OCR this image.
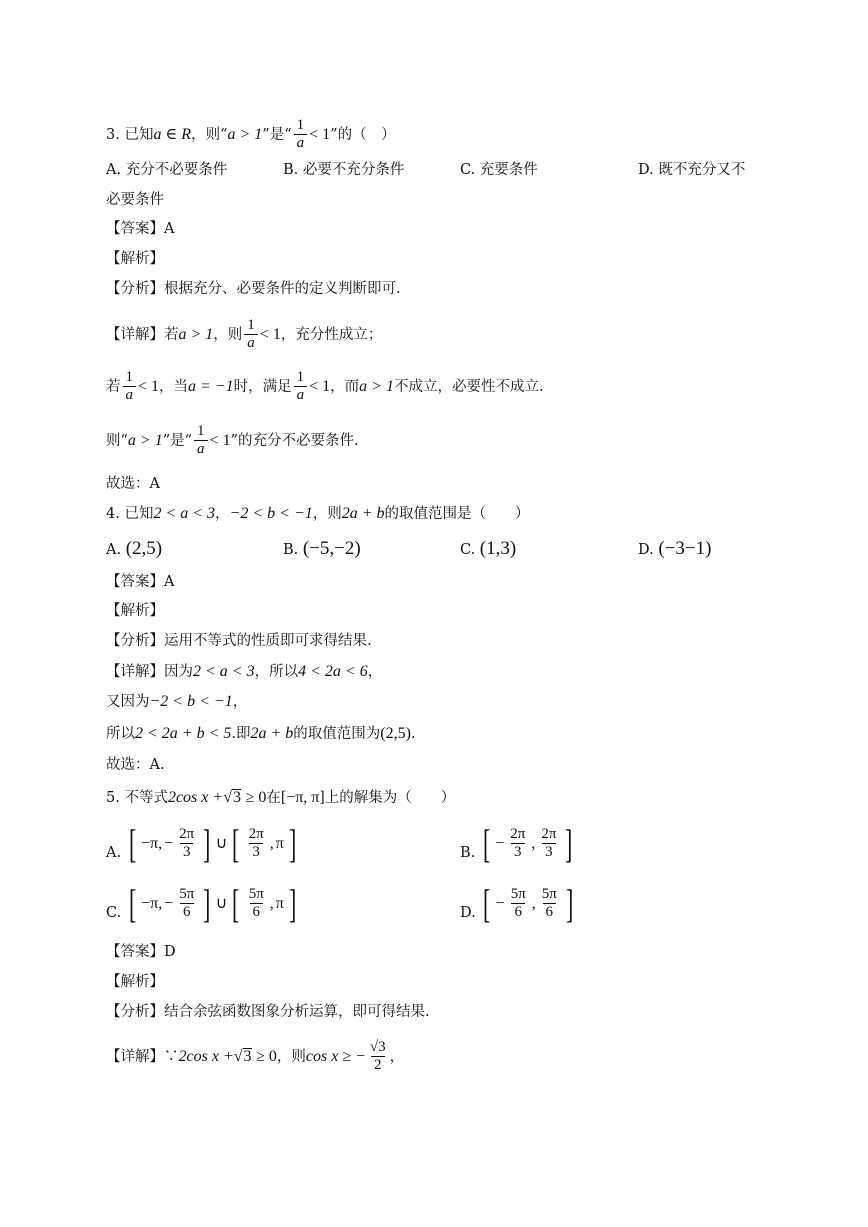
3. 已知a ∈ R，则“a > 1”是“ $\frac{1}{a} < 1$”的（　）
A. 充分不必要条件	B. 必要不充分条件	C. 充要条件	D. 既不充分又不
必要条件
【答案】A
【解析】
【分析】根据充分、必要条件的定义判断即可.
【详解】若a > 1，则 $\frac{1}{a} < 1$，充分性成立；
若 $\frac{1}{a} < 1$，当a = −1时，满足 $\frac{1}{a} < 1$，而a > 1不成立，必要性不成立.
则“a > 1”是“ $\frac{1}{a} < 1$”的充分不必要条件.
故选：A
4. 已知2 < a < 3，−2 < b < −1，则2a + b的取值范围是（　　）
A. (2,5)	B. (−5,−2)	C. (1,3)	D. (−3−1)
【答案】A
【解析】
【分析】运用不等式的性质即可求得结果.
【详解】因为2 < a < 3，所以4 < 2a < 6，
又因为−2 < b < −1，
所以2 < 2a + b < 5.即2a + b的取值范围为(2,5).
故选：A.
5. 不等式2cos x +√3 ≥ 0在[−π, π]上的解集为（　　）
A. [ −π, − $\frac{2\pi}{3}$ ] ∪ [ $\frac{2\pi}{3}$ , π ]	B. [ − $\frac{2\pi}{3}$ , $\frac{2\pi}{3}$ ]
C. [ −π, − $\frac{5\pi}{6}$ ] ∪ [ $\frac{5\pi}{6}$ , π ]	D. [ − $\frac{5\pi}{6}$ , $\frac{5\pi}{6}$ ]
【答案】D
【解析】
【分析】结合余弦函数图象分析运算，即可得结果.
【详解】∵2cos x +√3 ≥ 0，则cos x ≥ − $\frac{√3}{2}$ ，
